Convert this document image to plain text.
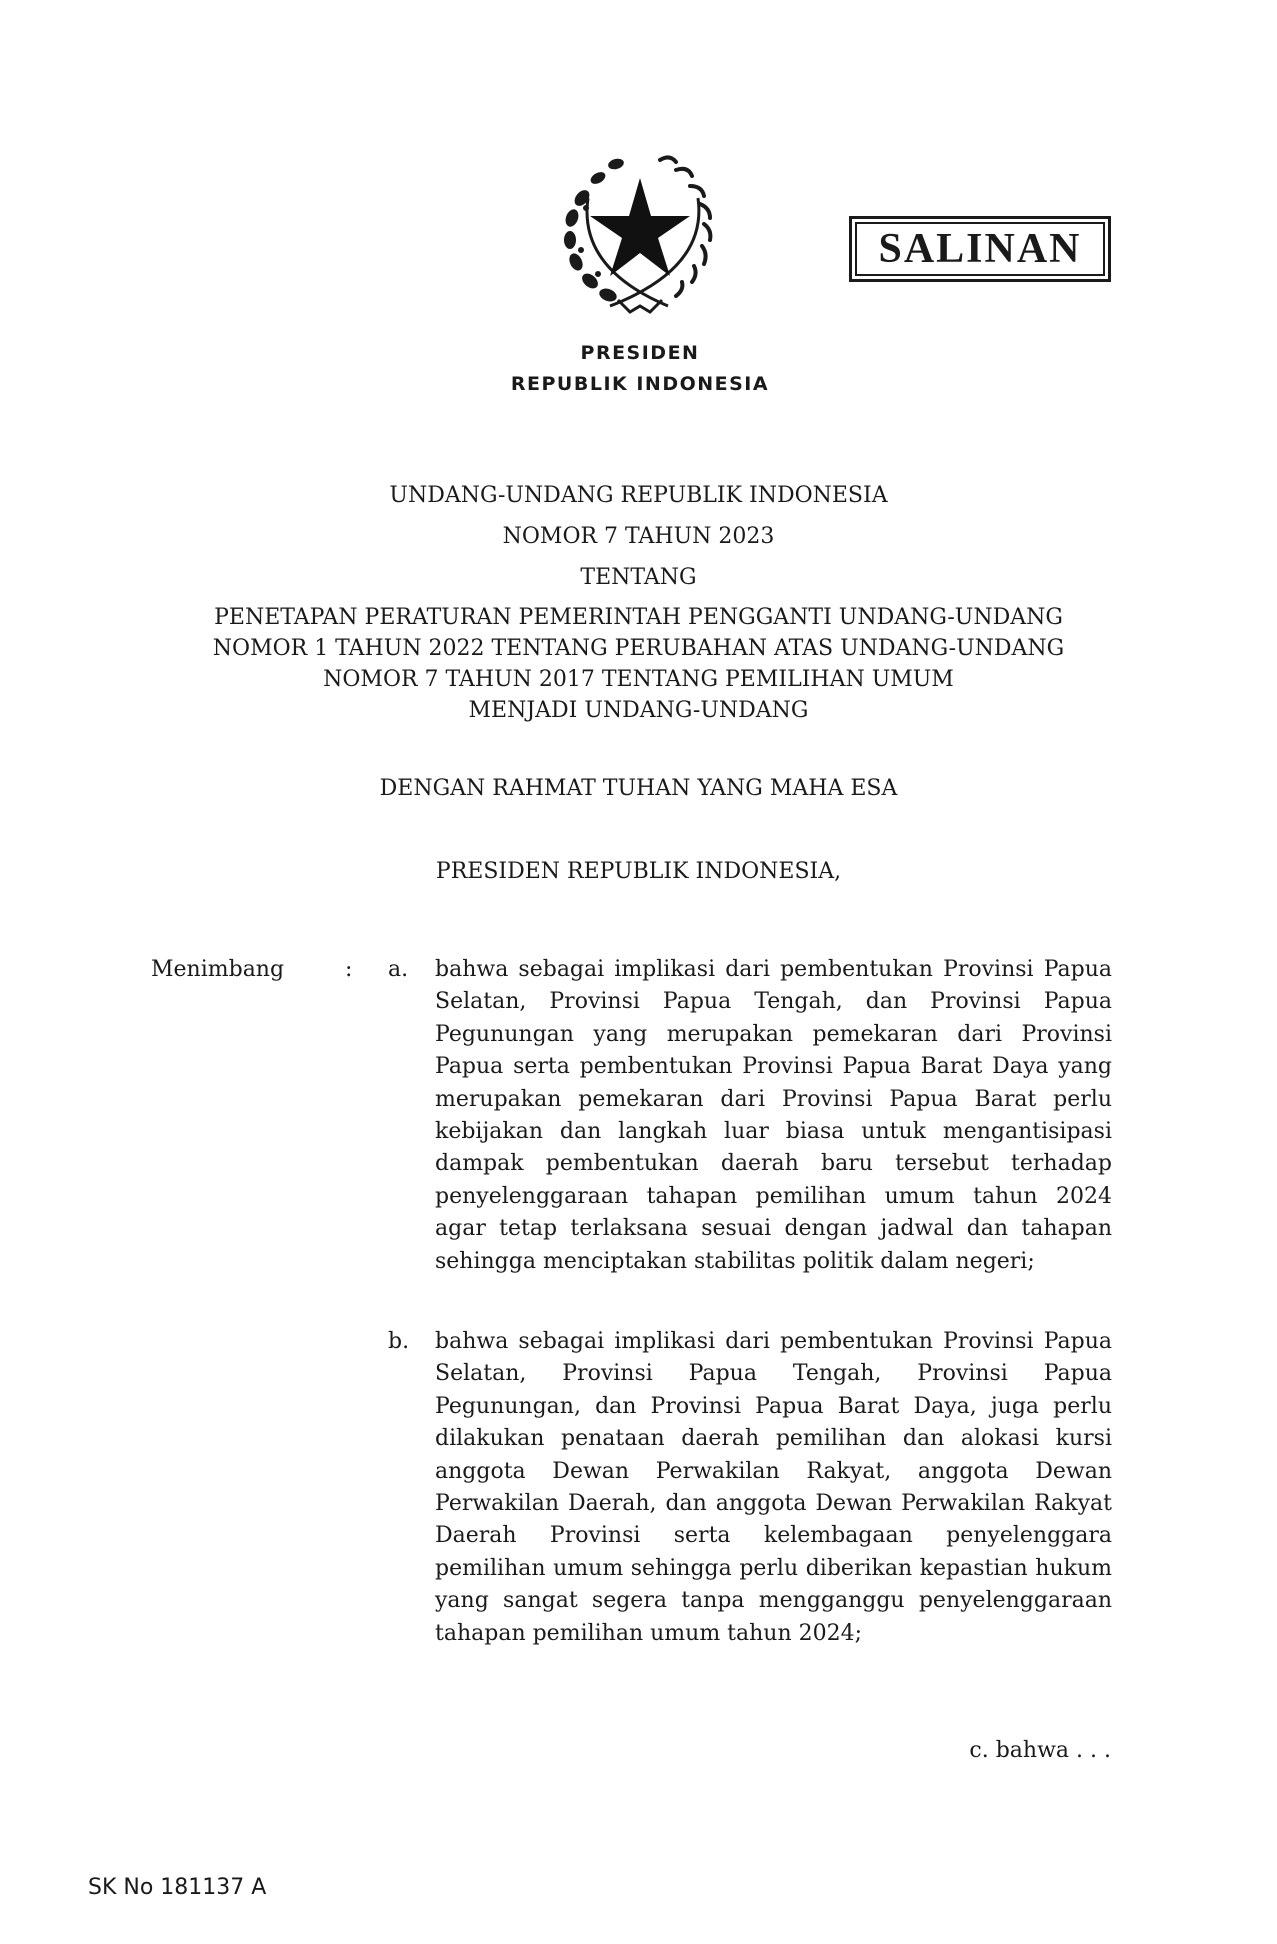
SALINAN
PRESIDEN
REPUBLIK INDONESIA
UNDANG-UNDANG REPUBLIK INDONESIA
NOMOR 7 TAHUN 2023
TENTANG
PENETAPAN PERATURAN PEMERINTAH PENGGANTI UNDANG-UNDANG
NOMOR 1 TAHUN 2022 TENTANG PERUBAHAN ATAS UNDANG-UNDANG
NOMOR 7 TAHUN 2017 TENTANG PEMILIHAN UMUM
MENJADI UNDANG-UNDANG
DENGAN RAHMAT TUHAN YANG MAHA ESA
PRESIDEN REPUBLIK INDONESIA,
Menimbang	: a. bahwa sebagai implikasi dari pembentukan Provinsi Papua Selatan, Provinsi Papua Tengah, dan Provinsi Papua Pegunungan yang merupakan pemekaran dari Provinsi Papua serta pembentukan Provinsi Papua Barat Daya yang merupakan pemekaran dari Provinsi Papua Barat perlu kebijakan dan langkah luar biasa untuk mengantisipasi dampak pembentukan daerah baru tersebut terhadap penyelenggaraan tahapan pemilihan umum tahun 2024 agar tetap terlaksana sesuai dengan jadwal dan tahapan sehingga menciptakan stabilitas politik dalam negeri;
b. bahwa sebagai implikasi dari pembentukan Provinsi Papua Selatan, Provinsi Papua Tengah, Provinsi Papua Pegunungan, dan Provinsi Papua Barat Daya, juga perlu dilakukan penataan daerah pemilihan dan alokasi kursi anggota Dewan Perwakilan Rakyat, anggota Dewan Perwakilan Daerah, dan anggota Dewan Perwakilan Rakyat Daerah Provinsi serta kelembagaan penyelenggara pemilihan umum sehingga perlu diberikan kepastian hukum yang sangat segera tanpa mengganggu penyelenggaraan tahapan pemilihan umum tahun 2024;
c. bahwa . . .
SK No 181137 A
